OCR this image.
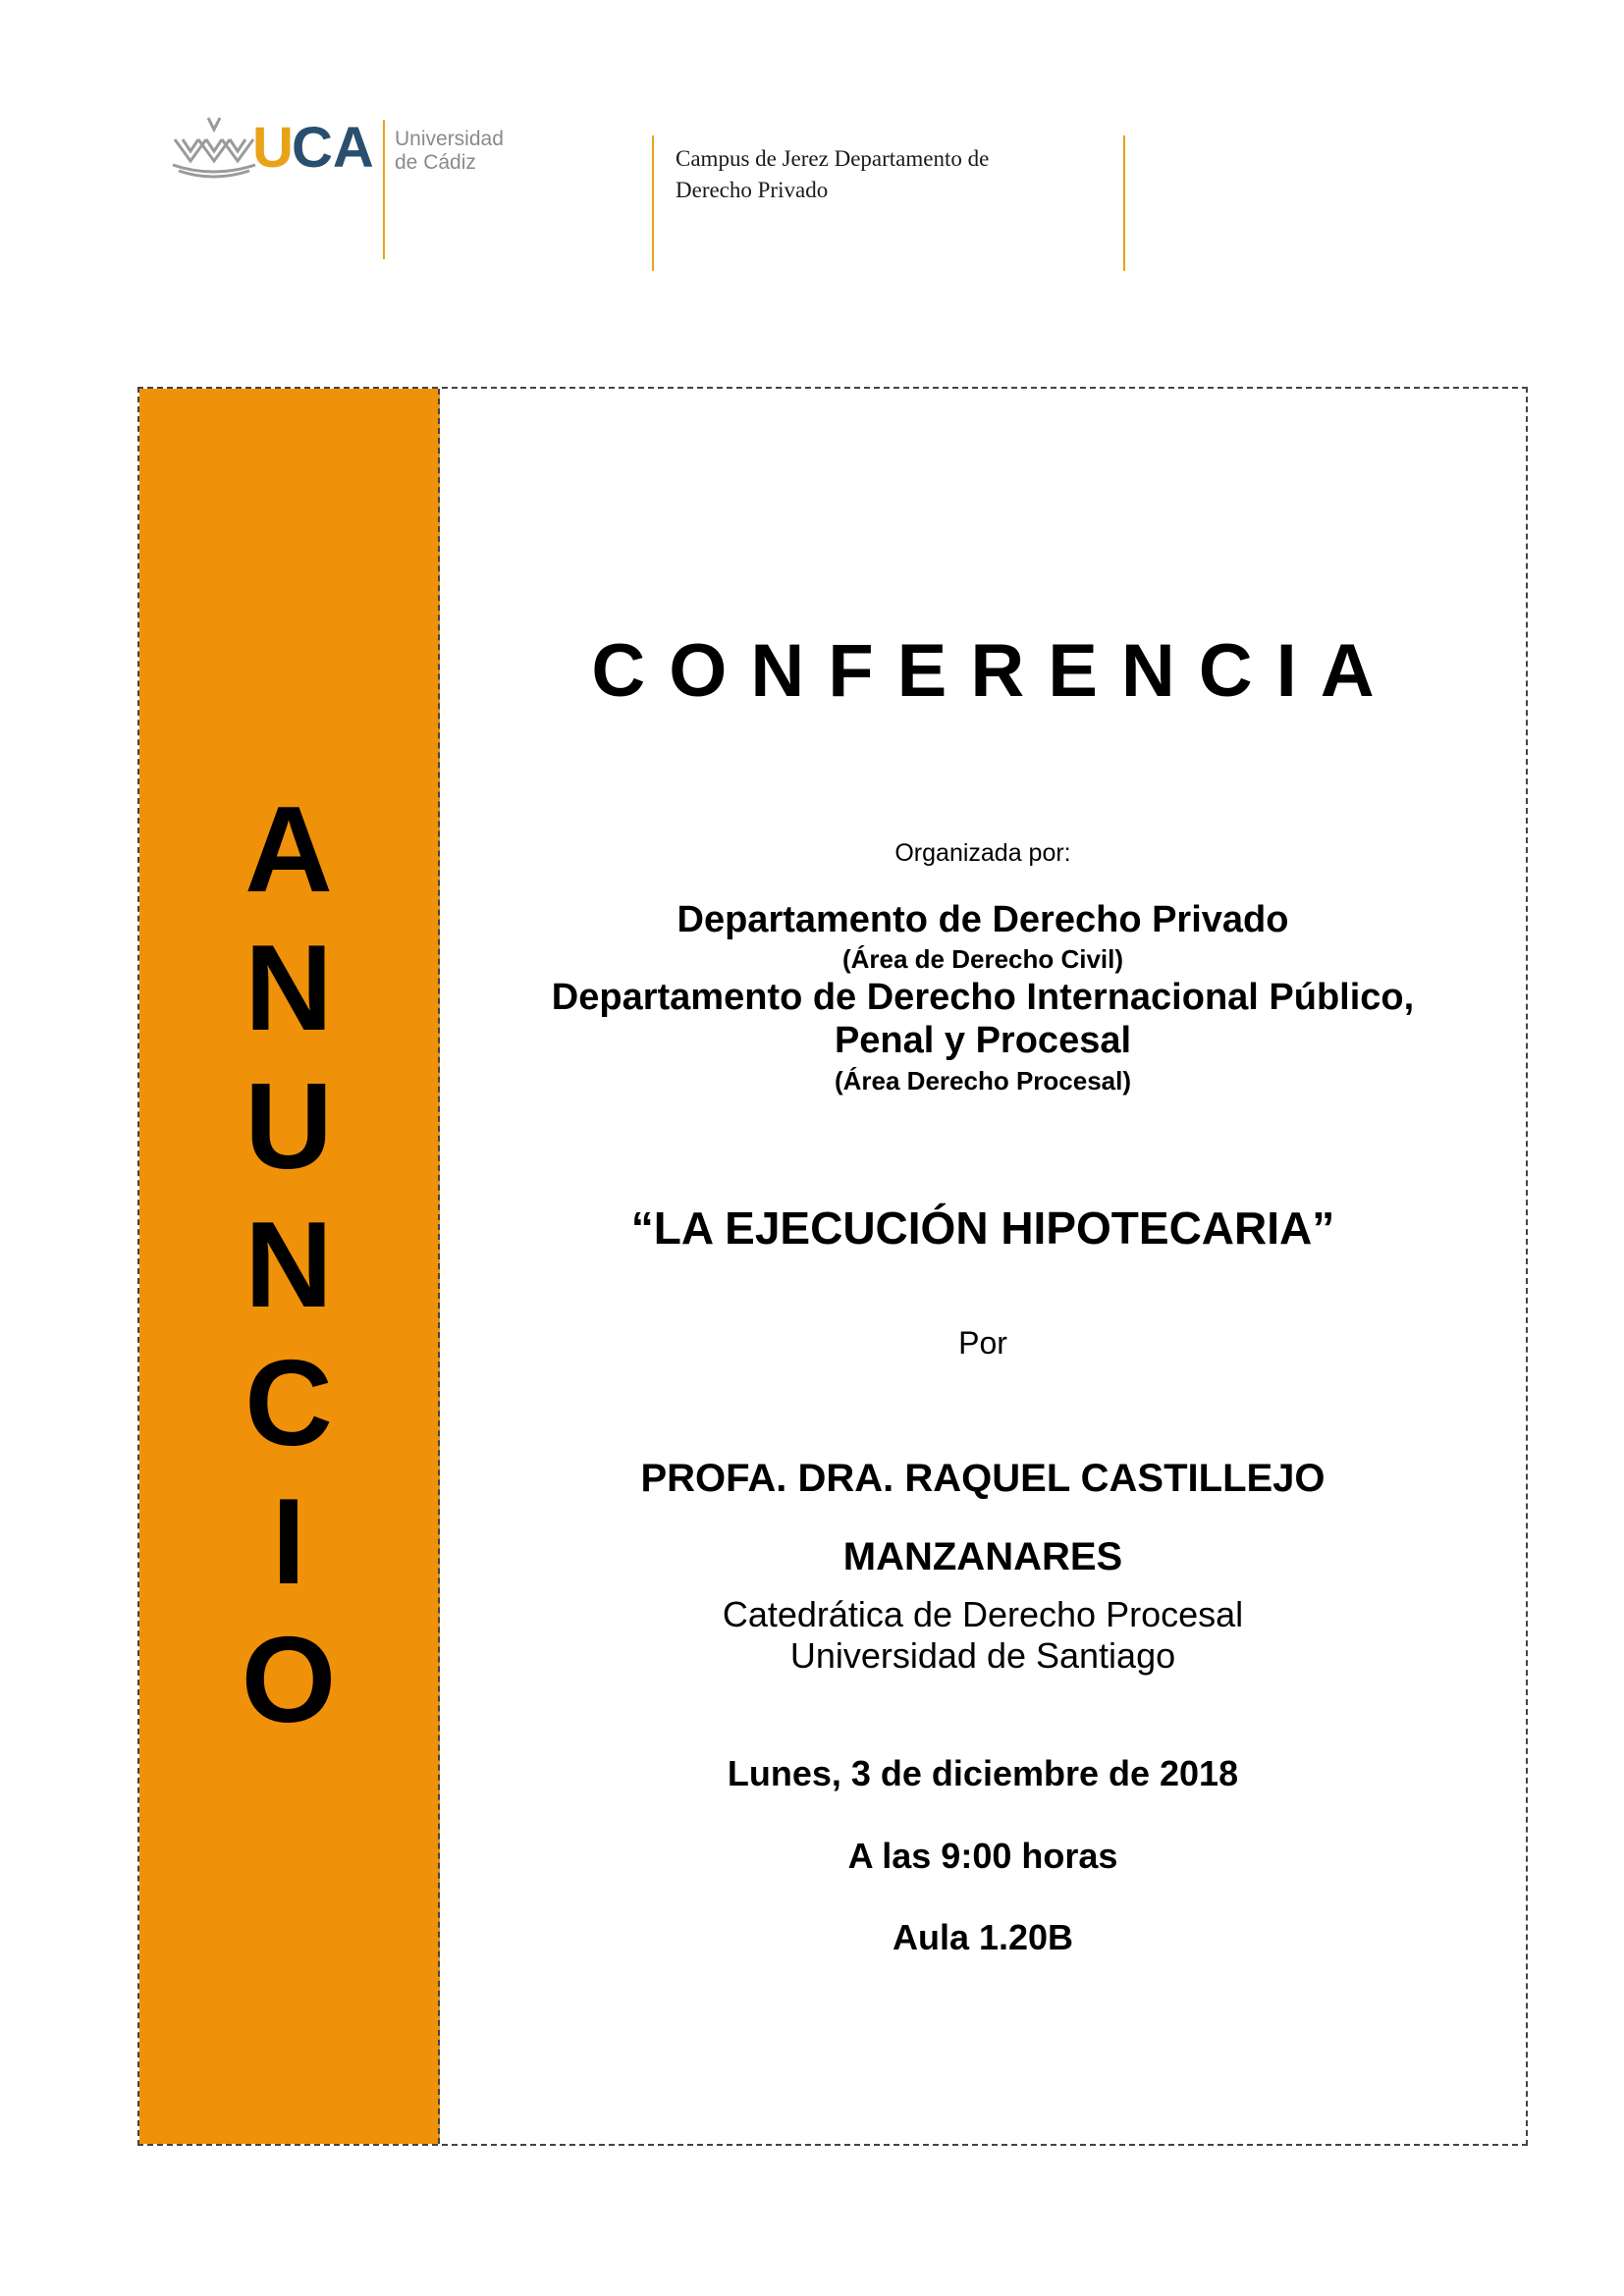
U
CA Universidad
de Cádiz	Campus de Jerez Departamento de
Derecho Privado
A
N
U
N
C
I
O
CONFERENCIA
Organizada por:
Departamento de Derecho Privado
(Área de Derecho Civil)
Departamento de Derecho Internacional Público,
Penal y Procesal
(Área Derecho Procesal)
“LA EJECUCIÓN HIPOTECARIA”
Por
PROFA. DRA. RAQUEL CASTILLEJO
MANZANARES
Catedrática de Derecho Procesal
Universidad de Santiago
Lunes, 3 de diciembre de 2018
A las 9:00 horas
Aula 1.20B
